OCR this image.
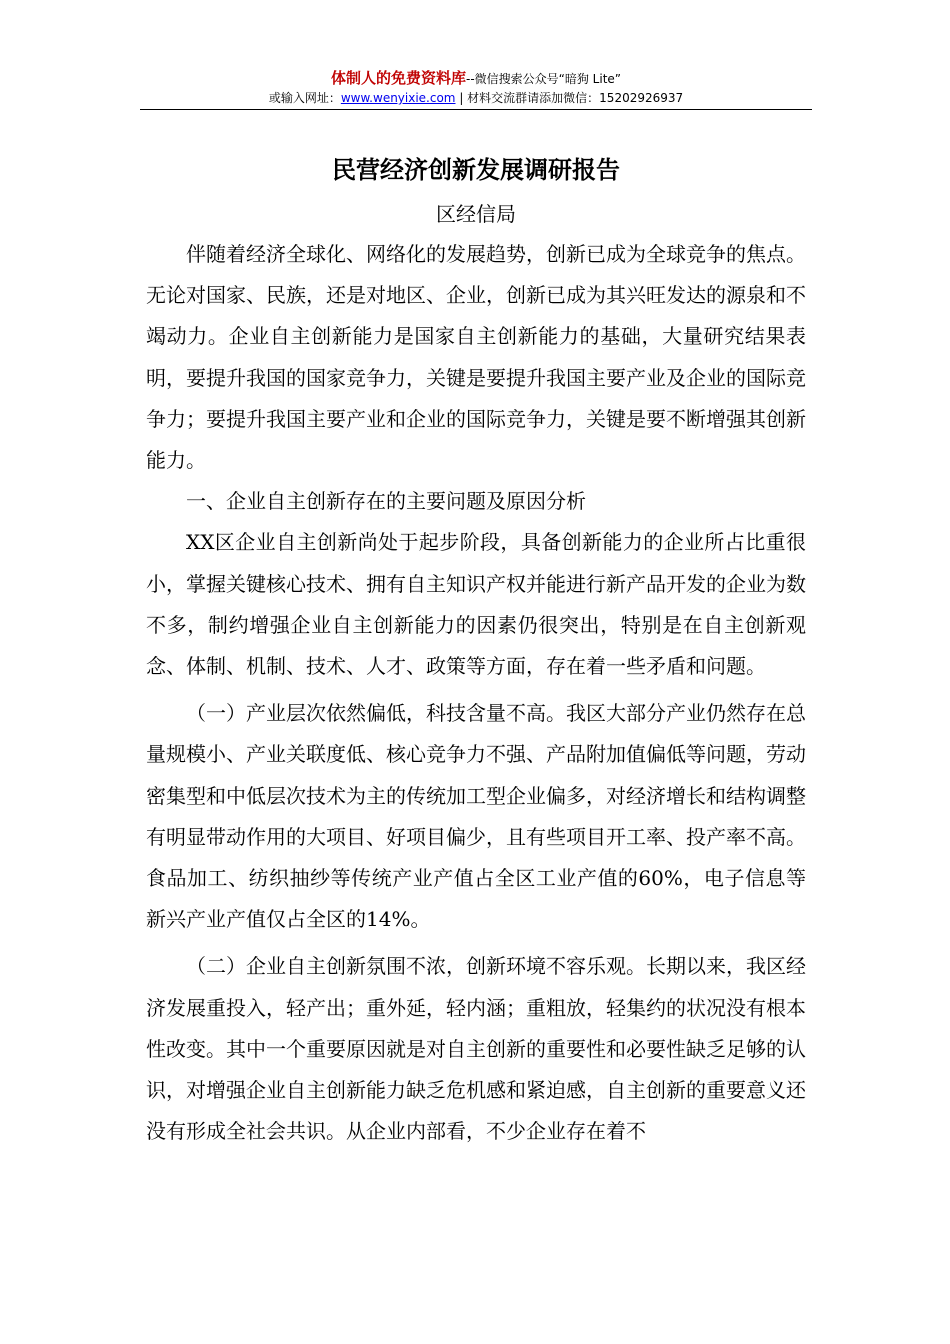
体制人的免费资料库--微信搜索公众号“暗狗 Lite”
或输入网址：www.wenyixie.com | 材料交流群请添加微信：15202926937
民营经济创新发展调研报告
区经信局

伴随着经济全球化、网络化的发展趋势，创新已成为全球竞争的焦点。无论对国家、民族，还是对地区、企业，创新已成为其兴旺发达的源泉和不竭动力。企业自主创新能力是国家自主创新能力的基础，大量研究结果表明，要提升我国的国家竞争力，关键是要提升我国主要产业及企业的国际竞争力；要提升我国主要产业和企业的国际竞争力，关键是要不断增强其创新能力。

一、企业自主创新存在的主要问题及原因分析

XX区企业自主创新尚处于起步阶段，具备创新能力的企业所占比重很小，掌握关键核心技术、拥有自主知识产权并能进行新产品开发的企业为数不多，制约增强企业自主创新能力的因素仍很突出，特别是在自主创新观念、体制、机制、技术、人才、政策等方面，存在着一些矛盾和问题。

（一）产业层次依然偏低，科技含量不高。我区大部分产业仍然存在总量规模小、产业关联度低、核心竞争力不强、产品附加值偏低等问题，劳动密集型和中低层次技术为主的传统加工型企业偏多，对经济增长和结构调整有明显带动作用的大项目、好项目偏少，且有些项目开工率、投产率不高。食品加工、纺织抽纱等传统产业产值占全区工业产值的60%，电子信息等新兴产业产值仅占全区的14%。

（二）企业自主创新氛围不浓，创新环境不容乐观。长期以来，我区经济发展重投入，轻产出；重外延，轻内涵；重粗放，轻集约的状况没有根本性改变。其中一个重要原因就是对自主创新的重要性和必要性缺乏足够的认识，对增强企业自主创新能力缺乏危机感和紧迫感，自主创新的重要意义还没有形成全社会共识。从企业内部看，不少企业存在着不
